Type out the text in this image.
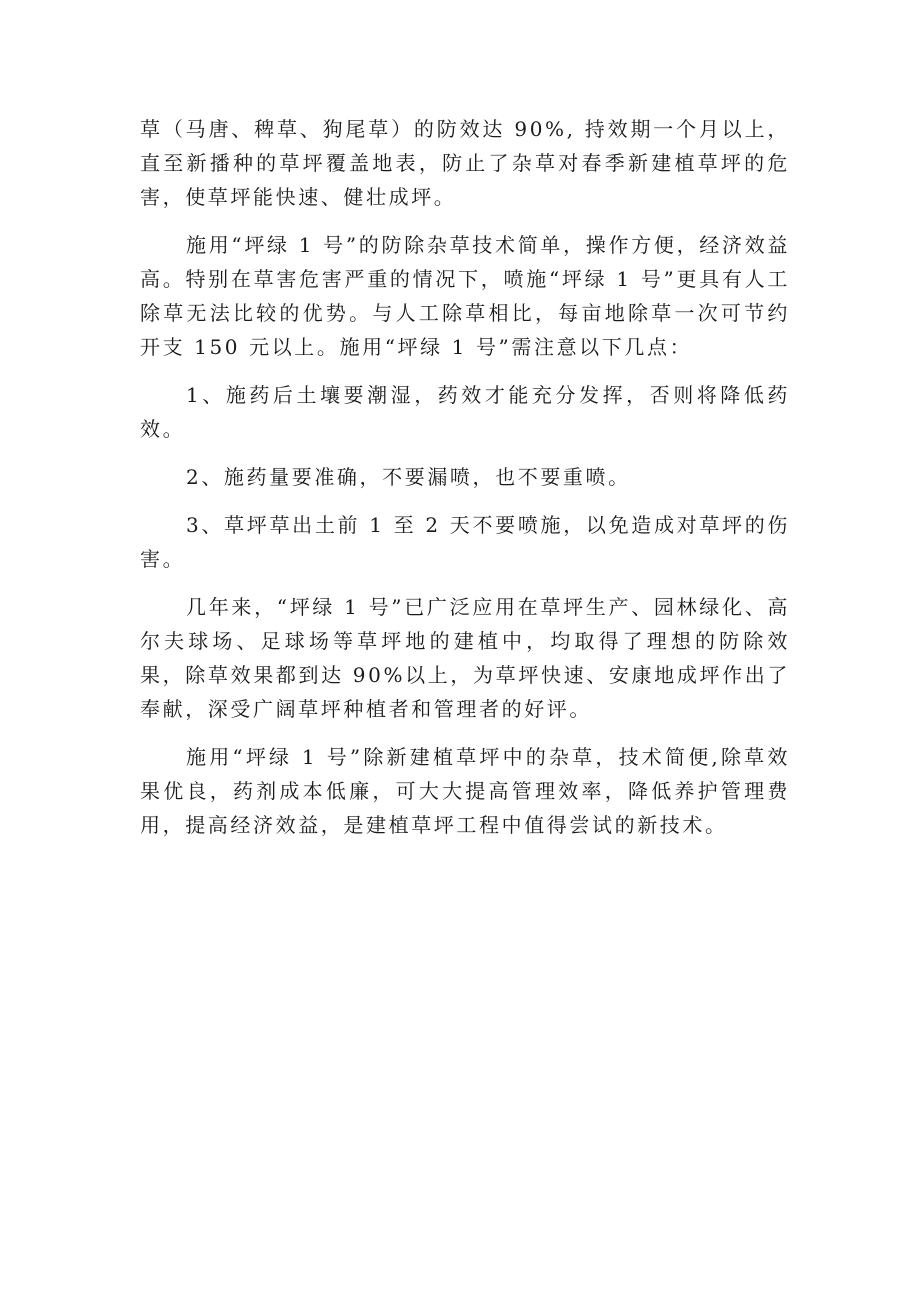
草（马唐、稗草、狗尾草）的防效达 90%, 持效期一个月以上，直至新播种的草坪覆盖地表，防止了杂草对春季新建植草坪的危害，使草坪能快速、健壮成坪。

施用“坪绿 1 号”的防除杂草技术简单，操作方便，经济效益高。特别在草害危害严重的情况下，喷施“坪绿 1 号”更具有人工除草无法比较的优势。与人工除草相比，每亩地除草一次可节约开支 150 元以上。施用“坪绿 1 号”需注意以下几点：

1、施药后土壤要潮湿，药效才能充分发挥，否则将降低药效。

2、施药量要准确，不要漏喷，也不要重喷。

3、草坪草出土前 1 至 2 天不要喷施，以免造成对草坪的伤害。

几年来，“坪绿 1 号”已广泛应用在草坪生产、园林绿化、高尔夫球场、足球场等草坪地的建植中，均取得了理想的防除效果，除草效果都到达 90%以上，为草坪快速、安康地成坪作出了奉献，深受广阔草坪种植者和管理者的好评。

施用“坪绿 1 号”除新建植草坪中的杂草，技术简便,除草效果优良，药剂成本低廉，可大大提高管理效率，降低养护管理费用，提高经济效益，是建植草坪工程中值得尝试的新技术。
